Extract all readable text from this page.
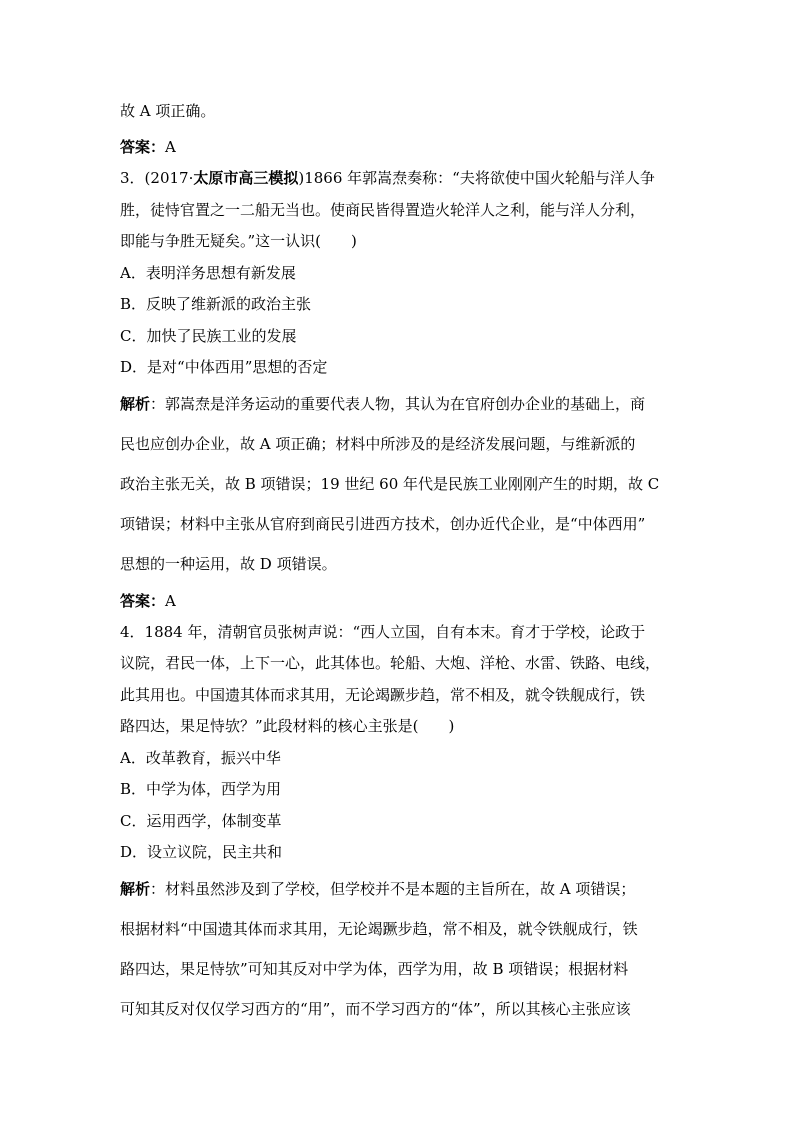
故 A 项正确。
答案：A
3．(2017·太原市高三模拟)1866 年郭嵩焘奏称：“夫将欲使中国火轮船与洋人争
胜，徒恃官置之一二船无当也。使商民皆得置造火轮洋人之利，能与洋人分利，
即能与争胜无疑矣。”这一认识(　　)
A．表明洋务思想有新发展
B．反映了维新派的政治主张
C．加快了民族工业的发展
D．是对“中体西用”思想的否定
解析：郭嵩焘是洋务运动的重要代表人物，其认为在官府创办企业的基础上，商
民也应创办企业，故 A 项正确；材料中所涉及的是经济发展问题，与维新派的
政治主张无关，故 B 项错误；19 世纪 60 年代是民族工业刚刚产生的时期，故 C
项错误；材料中主张从官府到商民引进西方技术，创办近代企业，是“中体西用”
思想的一种运用，故 D 项错误。
答案：A
4．1884 年，清朝官员张树声说：“西人立国，自有本末。育才于学校，论政于
议院，君民一体，上下一心，此其体也。轮船、大炮、洋枪、水雷、铁路、电线，
此其用也。中国遗其体而求其用，无论竭蹶步趋，常不相及，就令铁舰成行，铁
路四达，果足恃欤？”此段材料的核心主张是(　　)
A．改革教育，振兴中华
B．中学为体，西学为用
C．运用西学，体制变革
D．设立议院，民主共和
解析：材料虽然涉及到了学校，但学校并不是本题的主旨所在，故 A 项错误；
根据材料“中国遗其体而求其用，无论竭蹶步趋，常不相及，就令铁舰成行，铁
路四达，果足恃欤”可知其反对中学为体，西学为用，故 B 项错误；根据材料
可知其反对仅仅学习西方的“用”，而不学习西方的“体”，所以其核心主张应该
